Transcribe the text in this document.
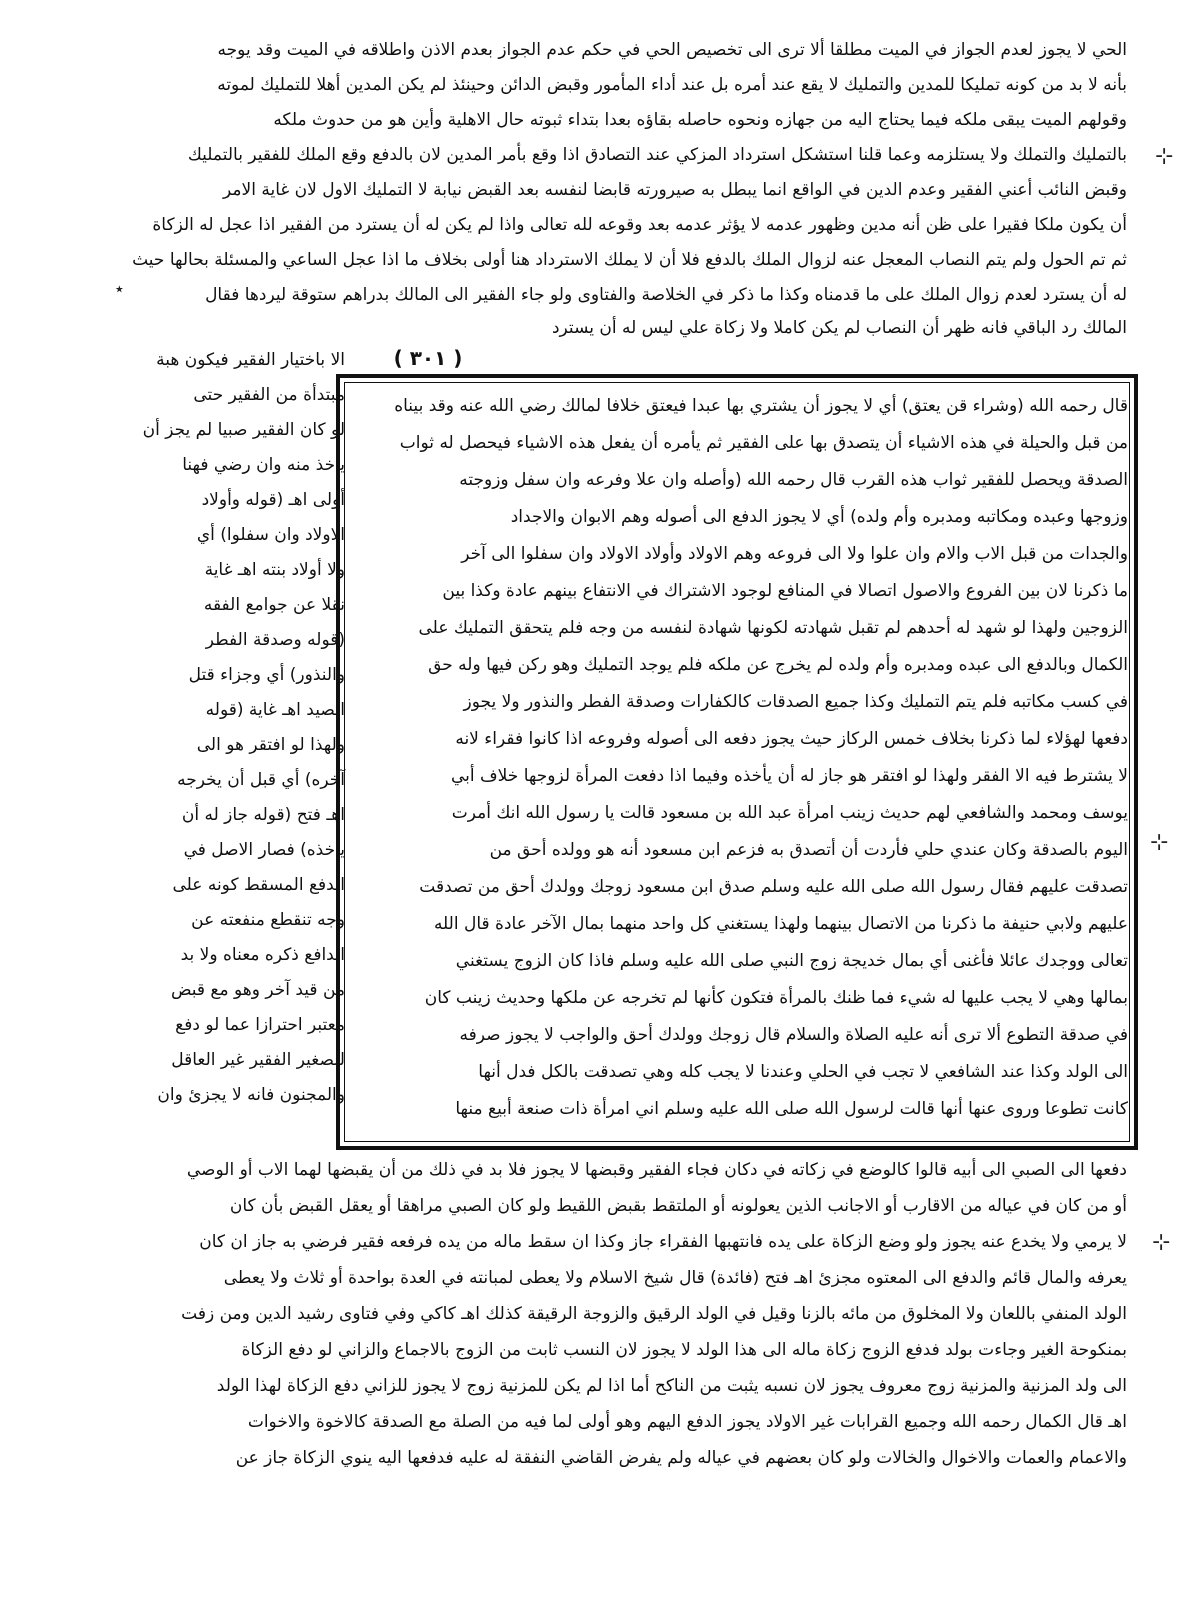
الحي لا يجوز لعدم الجواز في الميت مطلقا ألا ترى الى تخصيص الحي في حكم عدم الجواز بعدم الاذن واطلاقه في الميت وقد يوجه
بأنه لا بد من كونه تمليكا للمدين والتمليك لا يقع عند أمره بل عند أداء المأمور وقبض الدائن وحينئذ لم يكن المدين أهلا للتمليك لموته
وقولهم الميت يبقى ملكه فيما يحتاج اليه من جهازه ونحوه حاصله بقاؤه بعدا بتداء ثبوته حال الاهلية وأين هو من حدوث ملكه
بالتمليك والتملك ولا يستلزمه وعما قلنا استشكل استرداد المزكي عند التصادق اذا وقع بأمر المدين لان بالدفع وقع الملك للفقير بالتمليك
وقبض النائب أعني الفقير وعدم الدين في الواقع انما يبطل به صيرورته قابضا لنفسه بعد القبض نيابة لا التمليك الاول لان غاية الامر
أن يكون ملكا فقيرا على ظن أنه مدين وظهور عدمه لا يؤثر عدمه بعد وقوعه لله تعالى واذا لم يكن له أن يسترد من الفقير اذا عجل له الزكاة
ثم تم الحول ولم يتم النصاب المعجل عنه لزوال الملك بالدفع فلا أن لا يملك الاسترداد هنا أولى بخلاف ما اذا عجل الساعي والمسئلة بحالها حيث
له أن يسترد لعدم زوال الملك على ما قدمناه وكذا ما ذكر في الخلاصة والفتاوى ولو جاء الفقير الى المالك بدراهم ستوقة ليردها فقال
المالك رد الباقي فانه ظهر أن النصاب لم يكن كاملا ولا زكاة علي ليس له أن يسترد
( ٣٠١ )
الا باختيار الفقير فيكون هبة
مبتدأة من الفقير حتى
لو كان الفقير صبيا لم يجز أن
يأخذ منه وان رضي فهنا
أولى اهـ (قوله وأولاد
الاولاد وان سفلوا) أي
ولا أولاد بنته اهـ غاية
نقلا عن جوامع الفقه
(قوله وصدقة الفطر
والنذور) أي وجزاء قتل
الصيد اهـ غاية (قوله
ولهذا لو افتقر هو الى
آخره) أي قبل أن يخرجه
اهـ فتح (قوله جاز له أن
يأخذه) فصار الاصل في
الدفع المسقط كونه على
وجه تنقطع منفعته عن
الدافع ذكره معناه ولا بد
من قيد آخر وهو مع قبض
معتبر احترازا عما لو دفع
للصغير الفقير غير العاقل
والمجنون فانه لا يجزئ وان
قال رحمه الله (وشراء قن يعتق) أي لا يجوز أن يشتري بها عبدا فيعتق خلافا لمالك رضي الله عنه وقد بيناه
من قبل والحيلة في هذه الاشياء أن يتصدق بها على الفقير ثم يأمره أن يفعل هذه الاشياء فيحصل له ثواب
الصدقة ويحصل للفقير ثواب هذه القرب قال رحمه الله (وأصله وان علا وفرعه وان سفل وزوجته
وزوجها وعبده ومكاتبه ومدبره وأم ولده) أي لا يجوز الدفع الى أصوله وهم الابوان والاجداد
والجدات من قبل الاب والام وان علوا ولا الى فروعه وهم الاولاد وأولاد الاولاد وان سفلوا الى آخر
ما ذكرنا لان بين الفروع والاصول اتصالا في المنافع لوجود الاشتراك في الانتفاع بينهم عادة وكذا بين
الزوجين ولهذا لو شهد له أحدهم لم تقبل شهادته لكونها شهادة لنفسه من وجه فلم يتحقق التمليك على
الكمال وبالدفع الى عبده ومدبره وأم ولده لم يخرج عن ملكه فلم يوجد التمليك وهو ركن فيها وله حق
في كسب مكاتبه فلم يتم التمليك وكذا جميع الصدقات كالكفارات وصدقة الفطر والنذور ولا يجوز
دفعها لهؤلاء لما ذكرنا بخلاف خمس الركاز حيث يجوز دفعه الى أصوله وفروعه اذا كانوا فقراء لانه
لا يشترط فيه الا الفقر ولهذا لو افتقر هو جاز له أن يأخذه وفيما اذا دفعت المرأة لزوجها خلاف أبي
يوسف ومحمد والشافعي لهم حديث زينب امرأة عبد الله بن مسعود قالت يا رسول الله انك أمرت
اليوم بالصدقة وكان عندي حلي فأردت أن أتصدق به فزعم ابن مسعود أنه هو وولده أحق من
تصدقت عليهم فقال رسول الله صلى الله عليه وسلم صدق ابن مسعود زوجك وولدك أحق من تصدقت
عليهم ولابي حنيفة ما ذكرنا من الاتصال بينهما ولهذا يستغني كل واحد منهما بمال الآخر عادة قال الله
تعالى ووجدك عائلا فأغنى أي بمال خديجة زوج النبي صلى الله عليه وسلم فاذا كان الزوج يستغني
بمالها وهي لا يجب عليها له شيء فما ظنك بالمرأة فتكون كأنها لم تخرجه عن ملكها وحديث زينب كان
في صدقة التطوع ألا ترى أنه عليه الصلاة والسلام قال زوجك وولدك أحق والواجب لا يجوز صرفه
الى الولد وكذا عند الشافعي لا تجب في الحلي وعندنا لا يجب كله وهي تصدقت بالكل فدل أنها
كانت تطوعا وروى عنها أنها قالت لرسول الله صلى الله عليه وسلم اني امرأة ذات صنعة أبيع منها
دفعها الى الصبي الى أبيه قالوا كالوضع في زكاته في دكان فجاء الفقير وقبضها لا يجوز فلا بد في ذلك من أن يقبضها لهما الاب أو الوصي
أو من كان في عياله من الاقارب أو الاجانب الذين يعولونه أو الملتقط بقبض اللقيط ولو كان الصبي مراهقا أو يعقل القبض بأن كان
لا يرمي ولا يخدع عنه يجوز ولو وضع الزكاة على يده فانتهبها الفقراء جاز وكذا ان سقط ماله من يده فرفعه فقير فرضي به جاز ان كان
يعرفه والمال قائم والدفع الى المعتوه مجزئ اهـ فتح (فائدة) قال شيخ الاسلام ولا يعطى لمبانته في العدة بواحدة أو ثلاث ولا يعطى
الولد المنفي باللعان ولا المخلوق من مائه بالزنا وقيل في الولد الرقيق والزوجة الرقيقة كذلك اهـ كاكي وفي فتاوى رشيد الدين ومن زفت
بمنكوحة الغير وجاءت بولد فدفع الزوج زكاة ماله الى هذا الولد لا يجوز لان النسب ثابت من الزوج بالاجماع والزاني لو دفع الزكاة
الى ولد المزنية والمزنية زوج معروف يجوز لان نسبه يثبت من الناكح أما اذا لم يكن للمزنية زوج لا يجوز للزاني دفع الزكاة لهذا الولد
اهـ قال الكمال رحمه الله وجميع القرابات غير الاولاد يجوز الدفع اليهم وهو أولى لما فيه من الصلة مع الصدقة كالاخوة والاخوات
والاعمام والعمات والاخوال والخالات ولو كان بعضهم في عياله ولم يفرض القاضي النفقة له عليه فدفعها اليه ينوي الزكاة جاز عن
⊹
٭
⊹
⊹
